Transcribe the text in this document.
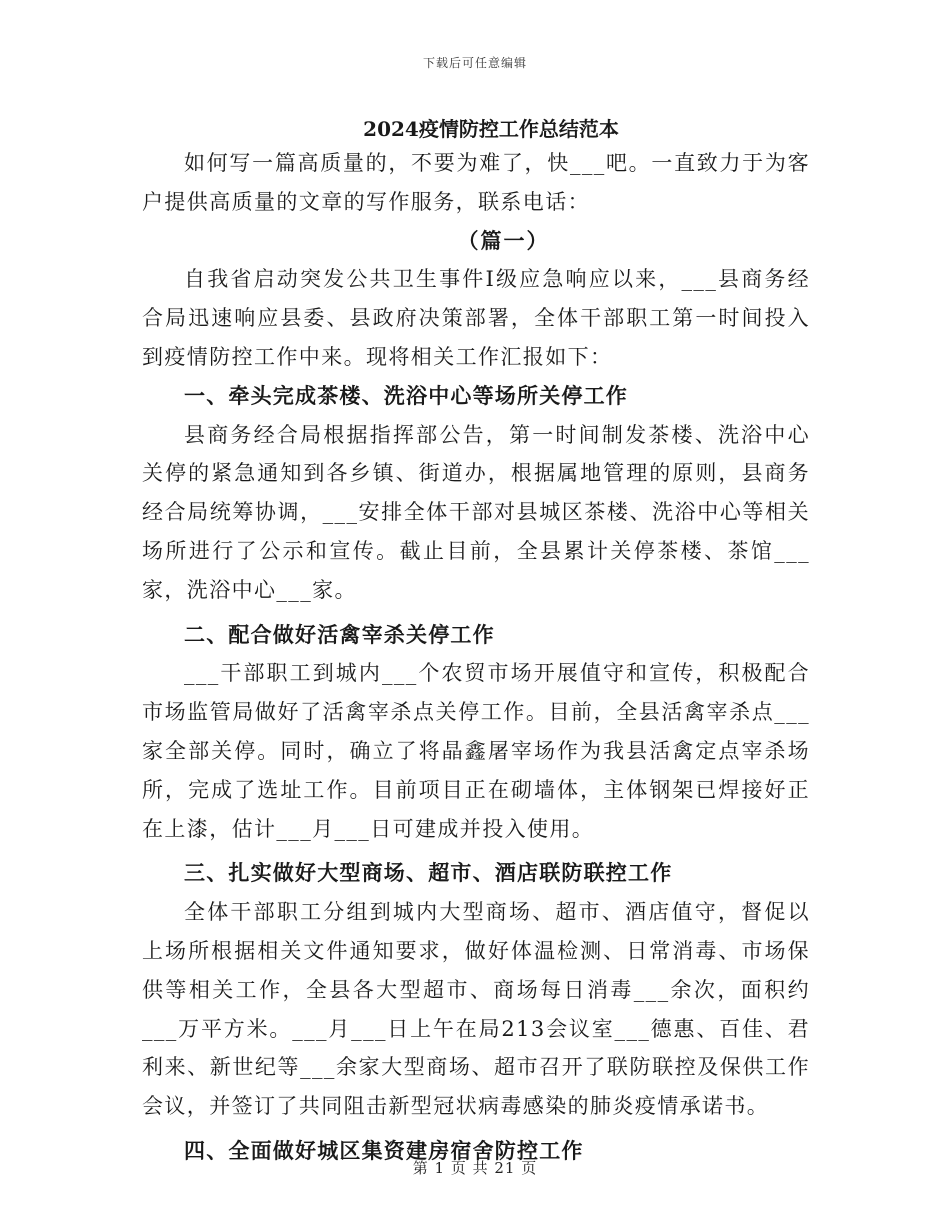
下载后可任意编辑

2024疫情防控工作总结范本

如何写一篇高质量的，不要为难了，快___吧。一直致力于为客户提供高质量的文章的写作服务，联系电话：

（篇一）

自我省启动突发公共卫生事件Ⅰ级应急响应以来，___县商务经合局迅速响应县委、县政府决策部署，全体干部职工第一时间投入到疫情防控工作中来。现将相关工作汇报如下：

一、牵头完成茶楼、洗浴中心等场所关停工作

县商务经合局根据指挥部公告，第一时间制发茶楼、洗浴中心关停的紧急通知到各乡镇、街道办，根据属地管理的原则，县商务经合局统筹协调，___安排全体干部对县城区茶楼、洗浴中心等相关场所进行了公示和宣传。截止目前，全县累计关停茶楼、茶馆___家，洗浴中心___家。

二、配合做好活禽宰杀关停工作

___干部职工到城内___个农贸市场开展值守和宣传，积极配合市场监管局做好了活禽宰杀点关停工作。目前，全县活禽宰杀点___家全部关停。同时，确立了将晶鑫屠宰场作为我县活禽定点宰杀场所，完成了选址工作。目前项目正在砌墙体，主体钢架已焊接好正在上漆，估计___月___日可建成并投入使用。

三、扎实做好大型商场、超市、酒店联防联控工作

全体干部职工分组到城内大型商场、超市、酒店值守，督促以上场所根据相关文件通知要求，做好体温检测、日常消毒、市场保供等相关工作，全县各大型超市、商场每日消毒___余次，面积约___万平方米。___月___日上午在局213会议室___德惠、百佳、君利来、新世纪等___余家大型商场、超市召开了联防联控及保供工作会议，并签订了共同阻击新型冠状病毒感染的肺炎疫情承诺书。

四、全面做好城区集资建房宿舍防控工作

第 1 页 共 21 页
